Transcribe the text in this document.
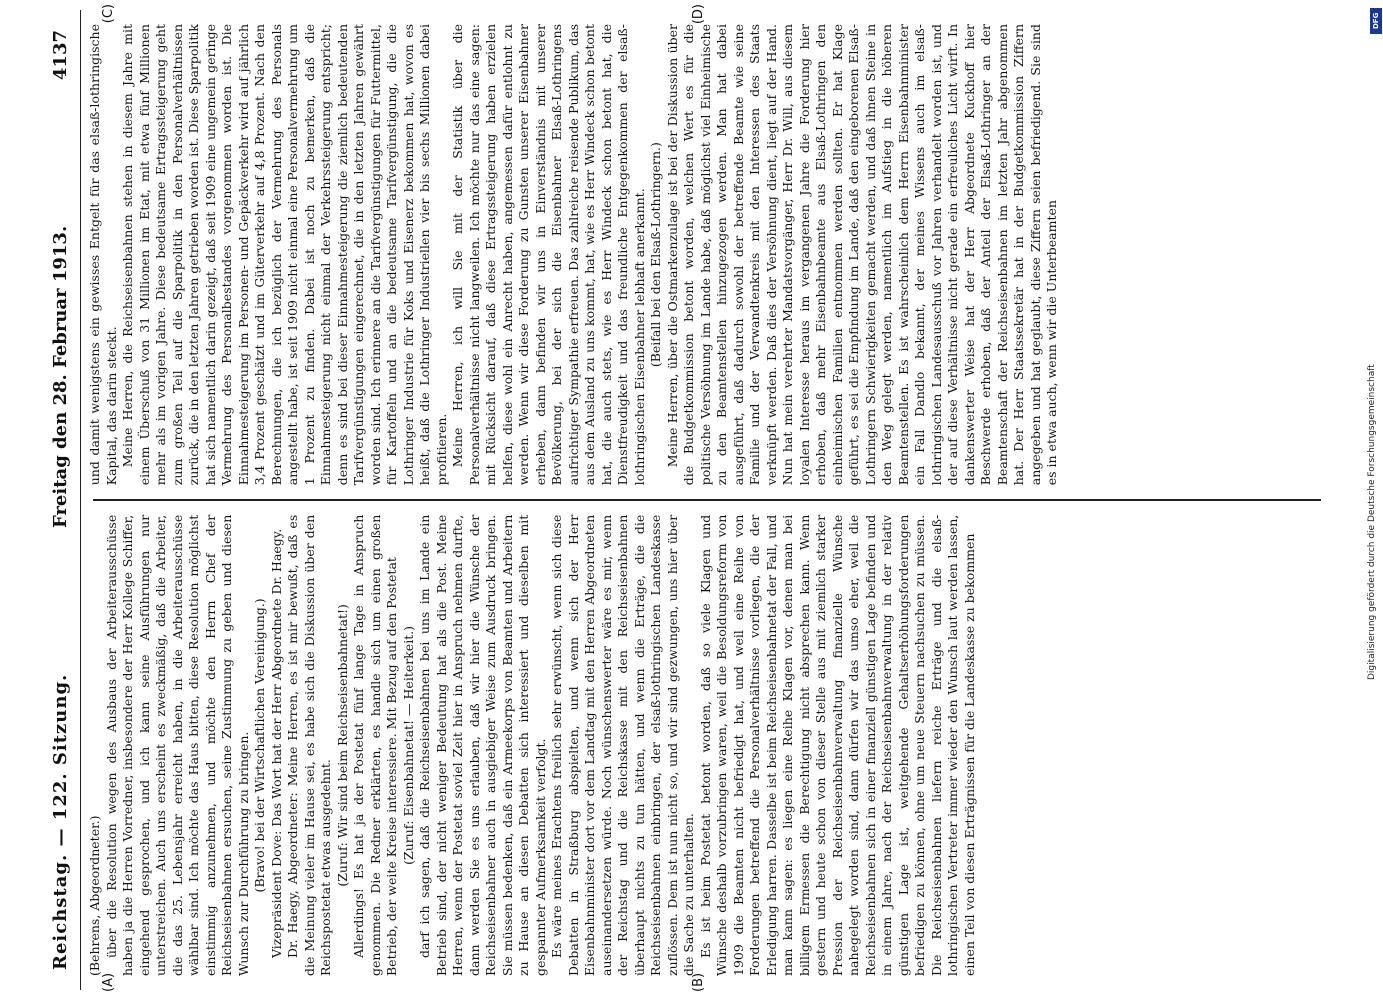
Reichstag. — 122. Sitzung.
Freitag den 28. Februar 1913.
4137

(Behrens, Abgeordneter.) über die Resolution wegen des Ausbaus der Arbeiterausschüsse haben ja die Herren Vorredner, insbesondere der Herr Kollege Schiffer, eingehend gesprochen, und ich kann seine Ausführungen nur unterstreichen. Auch uns erscheint es zweckmäßig, daß die Arbeiter, die das 25. Lebensjahr erreicht haben, in die Arbeiterausschüsse wählbar sind. Ich möchte das Haus bitten, diese Resolution möglichst einstimmig anzunehmen, und möchte den Herrn Chef der Reichseisenbahnen ersuchen, seine Zustimmung zu geben und diesen Wunsch zur Durchführung zu bringen. (Bravo! bei der Wirtschaftlichen Vereinigung.) Vizepräsident Dove: Das Wort hat der Herr Abgeordnete Dr. Haegy. Dr. Haegy, Abgeordneter: Meine Herren, es ist mir bewußt, daß es die Meinung vieler im Hause sei, es habe sich die Diskussion über den Reichspostetat etwas ausgedehnt. (Zuruf: Wir sind beim Reichseisenbahnetat!) Allerdings! Es hat ja der Postetat fünf lange Tage in Anspruch genommen. Die Redner erklärten, es handle sich um einen großen Betrieb, der weite Kreise interessiere. Mit Bezug auf den Postetat (Zuruf: Eisenbahnetat! — Heiterkeit.) darf ich sagen, daß die Reichseisenbahnen bei uns im Lande ein Betrieb sind, der nicht weniger Bedeutung hat als die Post. Meine Herren, wenn der Postetat soviel Zeit hier in Anspruch nehmen durfte, dann werden Sie es uns erlauben, daß wir hier die Wünsche der Reichseisenbahner auch in ausgiebiger Weise zum Ausdruck bringen. Sie müssen bedenken, daß ein Armeekorps von Beamten und Arbeitern zu Hause an diesen Debatten sich interessiert und dieselben mit gespannter Aufmerksamkeit verfolgt. Es wäre meines Erachtens freilich sehr erwünscht, wenn sich diese Debatten in Straßburg abspielten, und wenn sich der Herr Eisenbahnminister dort vor dem Landtag mit den Herren Abgeordneten auseinandersetzen würde. Noch wünschenswerter wäre es mir, wenn der Reichstag und die Reichskasse mit den Reichseisenbahnen überhaupt nichts zu tun hätten, und wenn die Erträge, die die Reichseisenbahnen einbringen, der elsaß-lothringischen Landeskasse zuflössen. Dem ist nun nicht so, und wir sind gezwungen, uns hier über die Sache zu unterhalten. Es ist beim Postetat betont worden, daß so viele Klagen und Wünsche deshalb vorzubringen waren, weil die Besoldungsreform von 1909 die Beamten nicht befriedigt hat, und weil eine Reihe von Forderungen betreffend die Personalverhältnisse vorliegen, die der Erledigung harren. Dasselbe ist beim Reichseisenbahnetat der Fall, und man kann sagen: es liegen eine Reihe Klagen vor, denen man bei billigem Ermessen die Berechtigung nicht absprechen kann. Wenn gestern und heute schon von dieser Stelle aus mit ziemlich starker Pression der Reichseisenbahnverwaltung finanzielle Wünsche nahegelegt worden sind, dann dürfen wir das umso eher, weil die Reichseisenbahnen sich in einer finanziell günstigen Lage befinden und in einem Jahre, nach der Reichseisenbahnverwaltung in der relativ günstigen Lage ist, weitgehende Gehaltserhöhungsforderungen befriedigen zu können, ohne um neue Steuern nachsuchen zu müssen. Die Reichseisenbahnen liefern reiche Erträge und die elsaß-lothringischen Vertreter immer wieder den Wunsch laut werden lassen, einen Teil von diesen Erträgnissen für die Landeskasse zu bekommen

und damit wenigstens ein gewisses Entgelt für das elsaß-lothringische Kapital, das darin steckt. Meine Herren, die Reichseisenbahnen stehen in diesem Jahre mit einem Überschuß von 31 Millionen im Etat, mit etwa fünf Millionen mehr als im vorigen Jahre. Diese bedeutsame Ertragssteigerung geht zum großen Teil auf die Sparpolitik in den Personalverhältnissen zurück, die in den letzten Jahren getrieben worden ist. Diese Sparpolitik hat sich namentlich darin gezeigt, daß seit 1909 eine ungemein geringe Vermehrung des Personalbestandes vorgenommen worden ist. Die Einnahmesteigerung im Personen- und Gepäckverkehr wird auf jährlich 3,4 Prozent geschätzt und im Güterverkehr auf 4,8 Prozent. Nach den Berechnungen, die ich bezüglich der Vermehrung des Personals angestellt habe, ist seit 1909 nicht einmal eine Personalvermehrung um 1 Prozent zu finden. Dabei ist noch zu bemerken, daß die Einnahmesteigerung nicht einmal der Verkehrssteigerung entspricht; denn es sind bei dieser Einnahmesteigerung die ziemlich bedeutenden Tarifvergünstigungen eingerechnet, die in den letzten Jahren gewährt worden sind. Ich erinnere an die Tarifvergünstigungen für Futtermittel, für Kartoffeln und an die bedeutsame Tarifvergünstigung, die die Lothringer Industrie für Koks und Eisenerz bekommen hat, wovon es heißt, daß die Lothringer Industriellen vier bis sechs Millionen dabei profitieren. Meine Herren, ich will Sie mit der Statistik über die Personalverhältnisse nicht langweilen. Ich möchte nur das eine sagen: mit Rücksicht darauf, daß diese Ertragssteigerung haben erzielen helfen, diese wohl ein Anrecht haben, angemessen dafür entlohnt zu werden. Wenn wir diese Forderung zu Gunsten unserer Eisenbahner erheben, dann befinden wir uns in Einverständnis mit unserer Bevölkerung, bei der sich die Eisenbahner Elsaß-Lothringens aufrichtiger Sympathie erfreuen. Das zahlreiche reisende Publikum, das aus dem Ausland zu uns kommt, hat, wie es Herr Windeck schon betont hat, die auch stets, wie es Herr Windeck schon betont hat, die Dienstfreudigkeit und das freundliche Entgegenkommen der elsaß-lothringischen Eisenbahner lebhaft anerkannt. (Beifall bei den Elsaß-Lothringern.) Meine Herren, über die Ostmarkenzulage ist bei der Diskussion über die Budgetkommission betont worden, welchen Wert es für die politische Versöhnung im Lande habe, daß möglichst viel Einheimische zu den Beamtenstellen hinzugezogen werden. Man hat dabei ausgeführt, daß dadurch sowohl der betreffende Beamte wie seine Familie und der Verwandtenkreis mit den Interessen des Staats verknüpft werden. Daß dies der Versöhnung dient, liegt auf der Hand. Nun hat mein verehrter Mandatsvorgänger, Herr Dr. Will, aus diesem loyalen Interesse heraus im vergangenen Jahre die Forderung hier erhoben, daß mehr Eisenbahnbeamte aus Elsaß-Lothringen den einheimischen Familien entnommen werden sollten. Er hat Klage geführt, es sei die Empfindung im Lande, daß den eingeborenen Elsaß-Lothringern Schwierigkeiten gemacht werden, und daß ihnen Steine in den Weg gelegt werden, namentlich im Aufstieg in die höheren Beamtenstellen. Es ist wahrscheinlich dem Herrn Eisenbahnminister ein Fall Dandlo bekannt, der meines Wissens auch im elsaß-lothringischen Landesausschuß vor Jahren verhandelt worden ist, und der auf diese Verhältnisse nicht gerade ein erfreuliches Licht wirft. In dankenswerter Weise hat der Herr Abgeordnete Kuckhoff hier Beschwerde erhoben, daß der Anteil der Elsaß-Lothringer an der Beamtenschaft der Reichseisenbahnen im letzten Jahr abgenommen hat. Der Herr Staatssekretär hat in der Budgetkommission Ziffern angegeben und hat geglaubt, diese Ziffern seien befriedigend. Sie sind es in etwa auch, wenn wir die Unterbeamten

(A)	(B)
(C)	(D)	DFG
Digitalisierung gefördert durch die Deutsche Forschungsgemeinschaft
